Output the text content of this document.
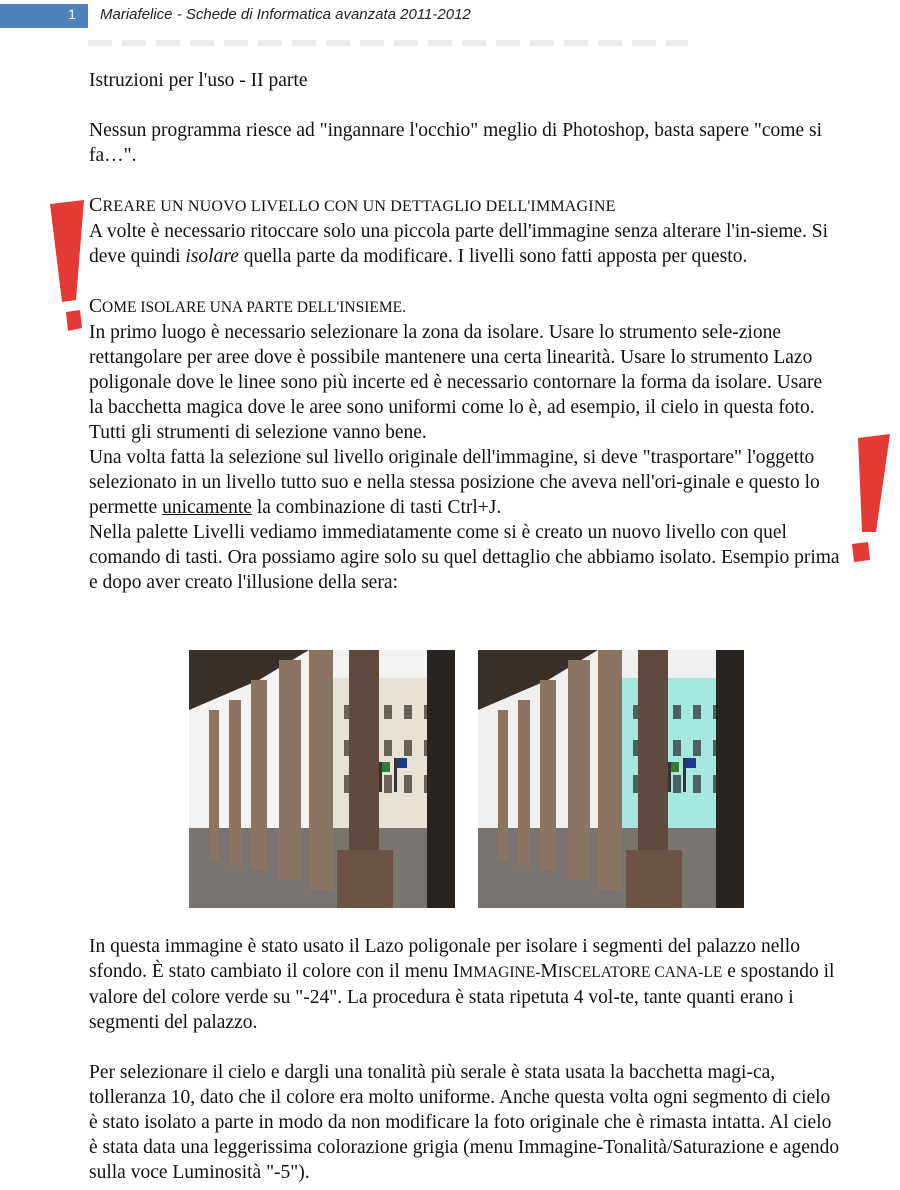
1	Mariafelice - Schede di Informatica avanzata 2011-2012

Istruzioni per l'uso - II parte

Nessun programma riesce ad "ingannare l'occhio" meglio di Photoshop, basta sapere "come si fa…".

CREARE UN NUOVO LIVELLO CON UN DETTAGLIO DELL'IMMAGINE

A volte è necessario ritoccare solo una piccola parte dell'immagine senza alterare l'in-sieme. Si deve quindi isolare quella parte da modificare. I livelli sono fatti apposta per questo.

COME ISOLARE UNA PARTE DELL'INSIEME.

In primo luogo è necessario selezionare la zona da isolare. Usare lo strumento sele-zione rettangolare per aree dove è possibile mantenere una certa linearità. Usare lo strumento Lazo poligonale dove le linee sono più incerte ed è necessario contornare la forma da isolare. Usare la bacchetta magica dove le aree sono uniformi come lo è, ad esempio, il cielo in questa foto. Tutti gli strumenti di selezione vanno bene.

Una volta fatta la selezione sul livello originale dell'immagine, si deve "trasportare" l'oggetto selezionato in un livello tutto suo e nella stessa posizione che aveva nell'ori-ginale e questo lo permette unicamente la combinazione di tasti Ctrl+J.

Nella palette Livelli vediamo immediatamente come si è creato un nuovo livello con quel comando di tasti. Ora possiamo agire solo su quel dettaglio che abbiamo isolato. Esempio prima e dopo aver creato l'illusione della sera:

In questa immagine è stato usato il Lazo poligonale per isolare i segmenti del palazzo nello sfondo. È stato cambiato il colore con il menu IMMAGINE-MISCELATORE CANA-LE e spostando il valore del colore verde su "-24". La procedura è stata ripetuta 4 vol-te, tante quanti erano i segmenti del palazzo.

Per selezionare il cielo e dargli una tonalità più serale è stata usata la bacchetta magi-ca, tolleranza 10, dato che il colore era molto uniforme. Anche questa volta ogni segmento di cielo è stato isolato a parte in modo da non modificare la foto originale che è rimasta intatta. Al cielo è stata data una leggerissima colorazione grigia (menu Immagine-Tonalità/Saturazione e agendo sulla voce Luminosità "-5").
